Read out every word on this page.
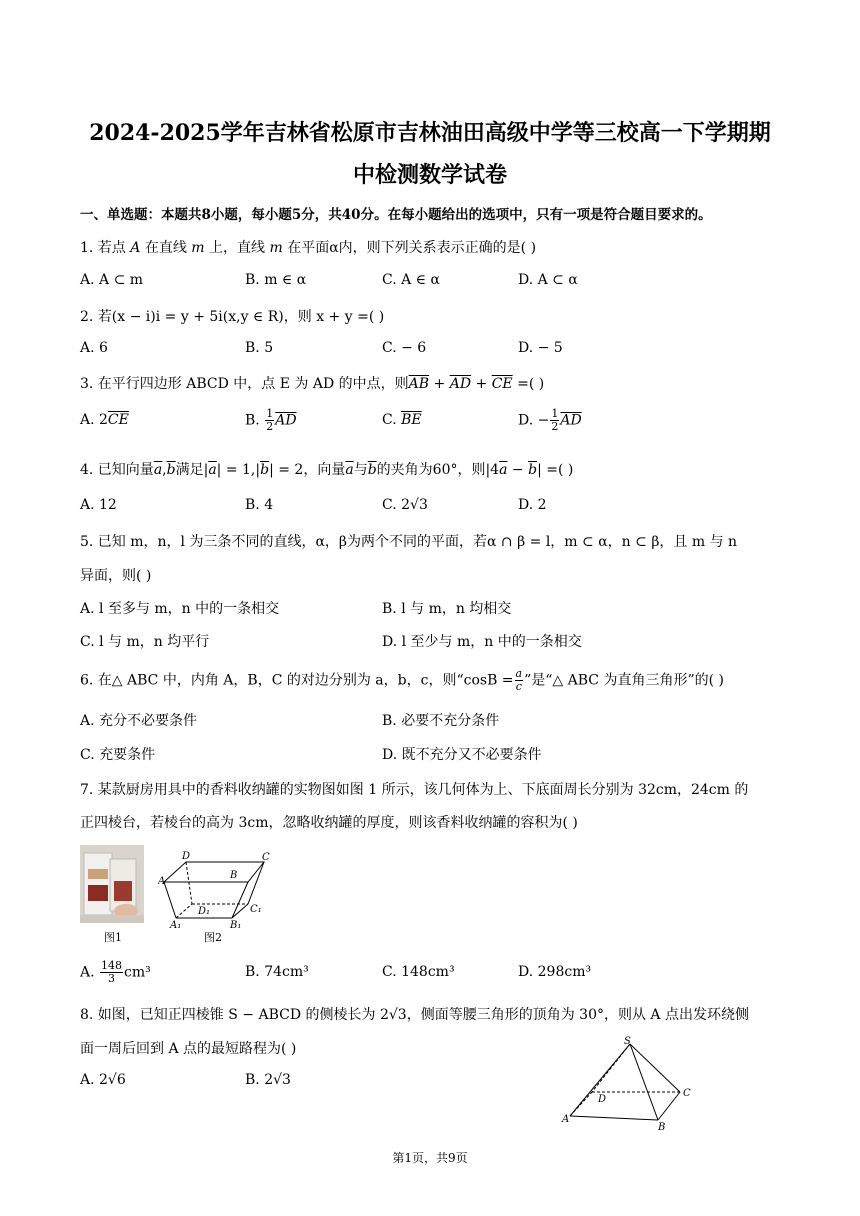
2024-2025学年吉林省松原市吉林油田高级中学等三校高一下学期期
中检测数学试卷
一、单选题：本题共8小题，每小题5分，共40分。在每小题给出的选项中，只有一项是符合题目要求的。
1. 若点 A 在直线 m 上，直线 m 在平面α内，则下列关系表示正确的是( )
A. A ⊂ m	B. m ∈ α	C. A ∈ α	D. A ⊂ α
2. 若(x − i)i = y + 5i(x,y ∈ R)，则 x + y =( )
A. 6	B. 5	C. − 6	D. − 5
3. 在平行四边形 ABCD 中，点 E 为 AD 的中点，则$\overline{AB} + \overline{AD} + \overline{CE}$ =( )
A. $2\overline{CE}$	B. $\frac{1}{2} \overline{AD}$	C. $\overline{BE}$	D. − $\frac{1}{2} \overline{AD}$
4. 已知向量$\overline{a},\overline{b}$满足$|\overline{a}| = 1,|\overline{b}| = 2$，向量$\overline{a}$与$\overline{b}$的夹角为60°，则$|4\overline{a} - \overline{b}|$ =( )
A. 12	B. 4	C. 2√3	D. 2
5. 已知 m，n，l 为三条不同的直线，α，β为两个不同的平面，若α ∩ β = l，m ⊂ α，n ⊂ β，且 m 与 n
异面，则( )
A. l 至多与 m，n 中的一条相交	B. l 与 m，n 均相交
C. l 与 m，n 均平行	D. l 至少与 m，n 中的一条相交
6. 在△ ABC 中，内角 A，B，C 的对边分别为 a，b，c，则“$\cos B = \frac{a}{c}$ ”是“△ ABC 为直角三角形”的( )
A. 充分不必要条件	B. 必要不充分条件
C. 充要条件	D. 既不充分又不必要条件
7. 某款厨房用具中的香料收纳罐的实物图如图 1 所示，该几何体为上、下底面周长分别为 32cm，24cm 的
正四棱台，若棱台的高为 3cm，忽略收纳罐的厚度，则该香料收纳罐的容积为( )
图1
D	C
A
B
D₁	C₁
A₁	B₁
图2
A. $\frac{148}{3} cm^3$	B. 74cm³	C. 148cm³	D. 298cm³
8. 如图，已知正四棱锥 S − ABCD 的侧棱长为 2√3，侧面等腰三角形的顶角为 30°，则从 A 点出发环绕侧
面一周后回到 A 点的最短路程为( )
A. 2√6	B. 2√3
S
D
C
A
B
第1页，共9页
